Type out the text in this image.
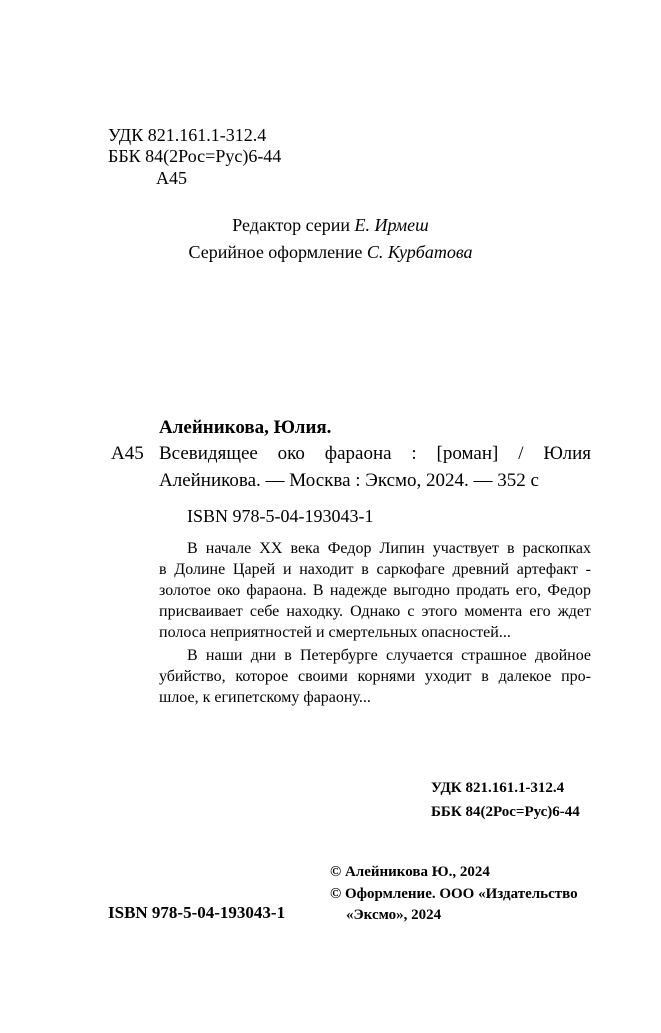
УДК 821.161.1-312.4
ББК 84(2Рос=Рус)6-44
А45
Редактор серии Е. Ирмеш
Серийное оформление С. Курбатова
Алейникова, Юлия.
А45 Всевидящее око фараона : [роман] / Юлия
Алейникова. — Москва : Эксмо, 2024. — 352 с
ISBN 978-5-04-193043-1

В начале XX века Федор Липин участвует в раскопках
в Долине Царей и находит в саркофаге древний артефакт -
золотое око фараона. В надежде выгодно продать его, Федор
присваивает себе находку. Однако с этого момента его ждет
полоса неприятностей и смертельных опасностей...

В наши дни в Петербурге случается страшное двойное
убийство, которое своими корнями уходит в далекое про-
шлое, к египетскому фараону...

УДК 821.161.1-312.4
ББК 84(2Рос=Рус)6-44
© Алейникова Ю., 2024
© Оформление. ООО «Издательство
«Эксмо», 2024
ISBN 978-5-04-193043-1
